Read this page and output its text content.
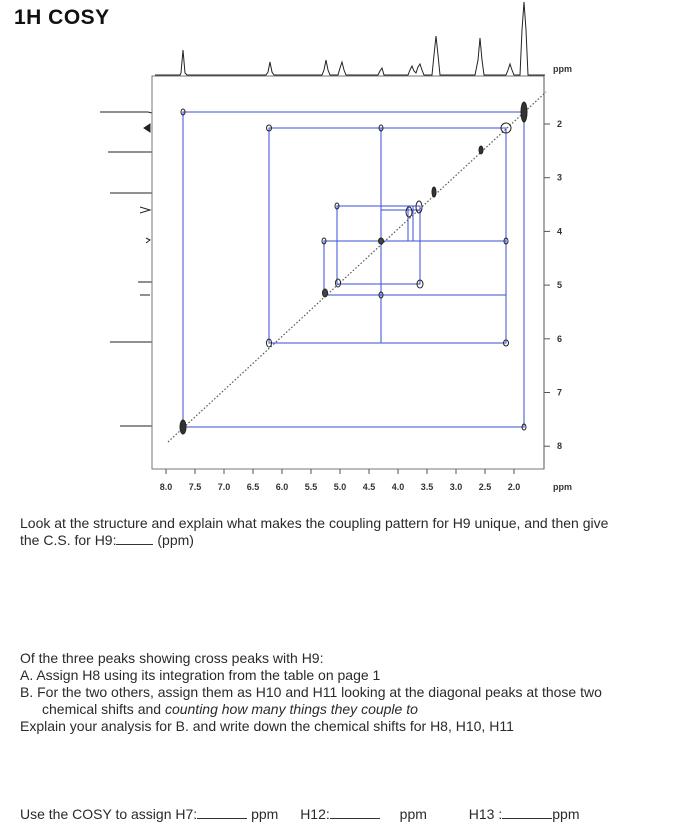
1H COSY
ppm
ppm
8.0 7.5 7.0 6.5 6.0 5.5 5.0 4.5 4.0 3.5 3.0 2.5 2.0
2
3
4
5
6
7
8

Look at the structure and explain what makes the coupling pattern for H9 unique, and then give

the C.S. for H9:	(ppm)

Of the three peaks showing cross peaks with H9:

A. Assign H8 using its integration from the table on page 1

B. For the two others, assign them as H10 and H11 looking at the diagonal peaks at those two

chemical shifts and counting how many things they couple to

Explain your analysis for B. and write down the chemical shifts for H8, H10, H11

Use the COSY to assign H7:	ppm H12:	ppm	H13 :	ppm
